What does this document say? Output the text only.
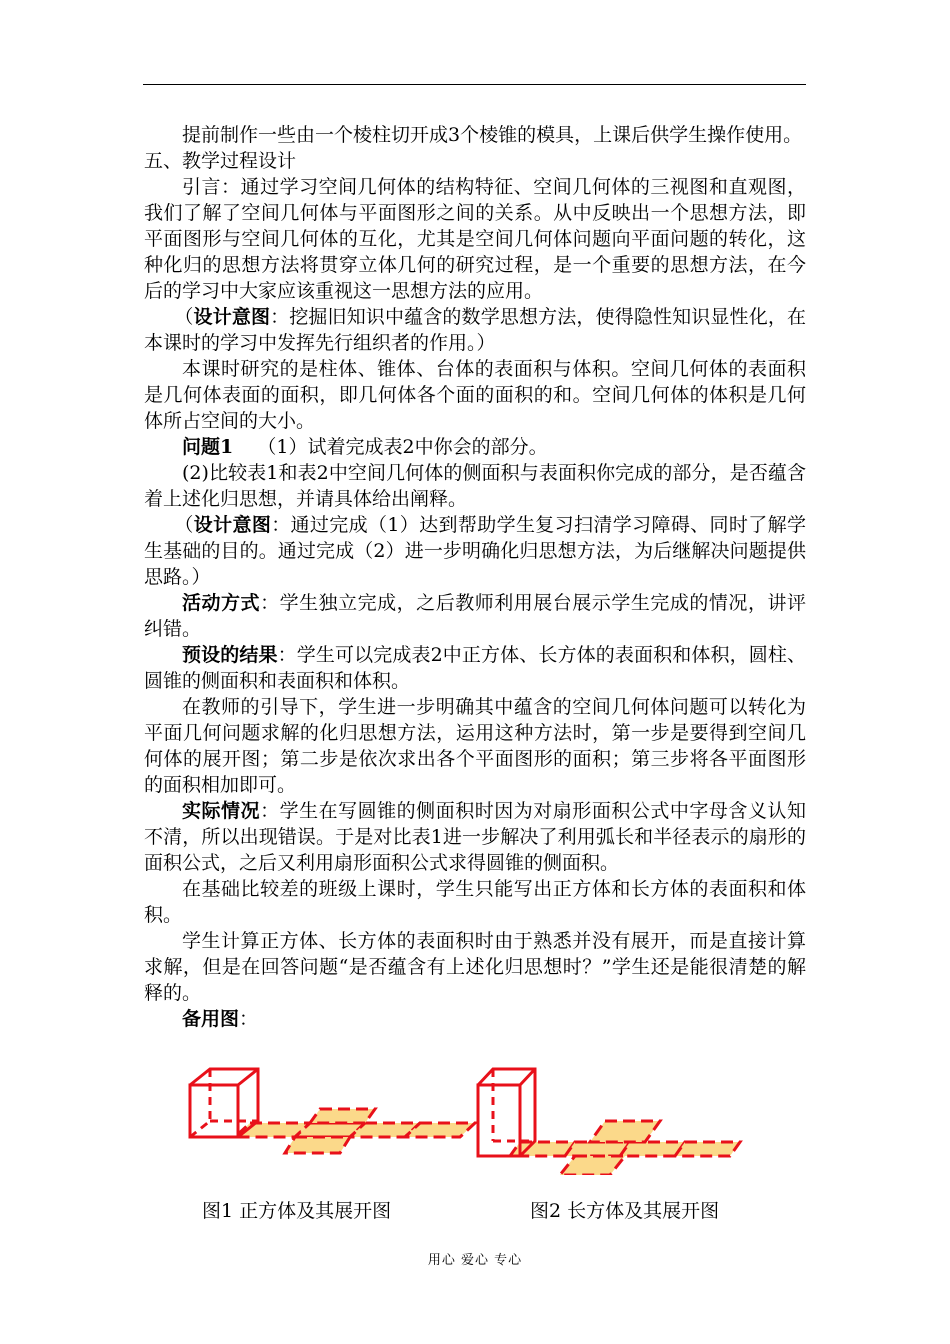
提前制作一些由一个棱柱切开成3个棱锥的模具，上课后供学生操作使用。

五、教学过程设计

引言：通过学习空间几何体的结构特征、空间几何体的三视图和直观图，我们了解了空间几何体与平面图形之间的关系。从中反映出一个思想方法，即平面图形与空间几何体的互化，尤其是空间几何体问题向平面问题的转化，这种化归的思想方法将贯穿立体几何的研究过程，是一个重要的思想方法，在今后的学习中大家应该重视这一思想方法的应用。

（设计意图：挖掘旧知识中蕴含的数学思想方法，使得隐性知识显性化，在本课时的学习中发挥先行组织者的作用。）

本课时研究的是柱体、锥体、台体的表面积与体积。空间几何体的表面积是几何体表面的面积，即几何体各个面的面积的和。空间几何体的体积是几何体所占空间的大小。

问题1 （1）试着完成表2中你会的部分。

(2)比较表1和表2中空间几何体的侧面积与表面积你完成的部分，是否蕴含着上述化归思想，并请具体给出阐释。

（设计意图：通过完成（1）达到帮助学生复习扫清学习障碍、同时了解学生基础的目的。通过完成（2）进一步明确化归思想方法，为后继解决问题提供思路。）

活动方式：学生独立完成，之后教师利用展台展示学生完成的情况，讲评纠错。

预设的结果：学生可以完成表2中正方体、长方体的表面积和体积，圆柱、圆锥的侧面积和表面积和体积。

在教师的引导下，学生进一步明确其中蕴含的空间几何体问题可以转化为平面几何问题求解的化归思想方法，运用这种方法时，第一步是要得到空间几何体的展开图；第二步是依次求出各个平面图形的面积；第三步将各平面图形的面积相加即可。

实际情况：学生在写圆锥的侧面积时因为对扇形面积公式中字母含义认知不清，所以出现错误。于是对比表1进一步解决了利用弧长和半径表示的扇形的面积公式，之后又利用扇形面积公式求得圆锥的侧面积。

在基础比较差的班级上课时，学生只能写出正方体和长方体的表面积和体积。

学生计算正方体、长方体的表面积时由于熟悉并没有展开，而是直接计算求解，但是在回答问题“是否蕴含有上述化归思想时？”学生还是能很清楚的解释的。

备用图：

图1 正方体及其展开图	图2 长方体及其展开图
用心 爱心 专心
